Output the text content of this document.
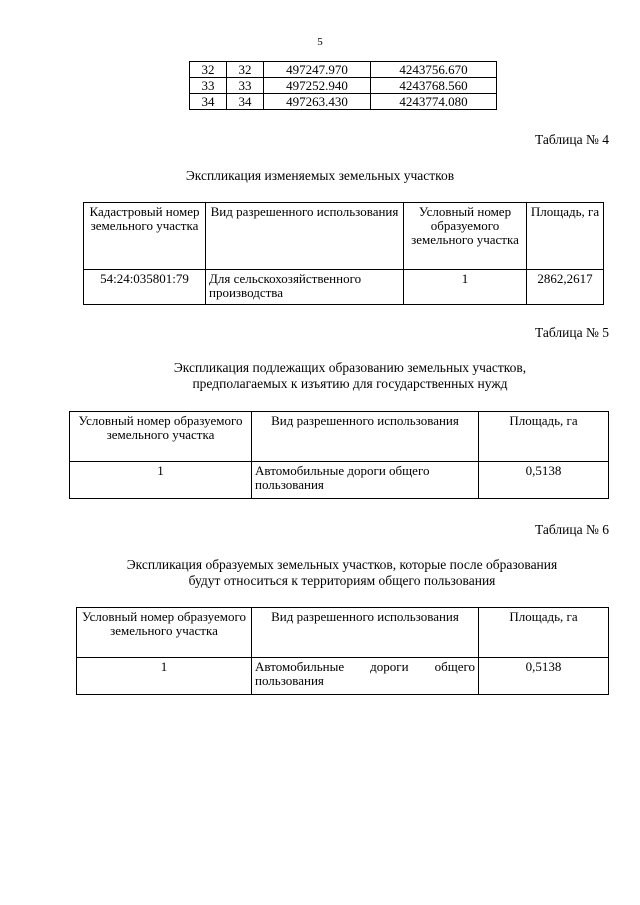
5
32	32	497247.970	4243756.670
33	33	497252.940	4243768.560
34	34	497263.430	4243774.080
Таблица № 4
Экспликация изменяемых земельных участков
Кадастровый номер земельного участка	Вид разрешенного использования	Условный номер образуемого земельного участка	Площадь, га
54:24:035801:79	Для сельскохозяйственного производства	1	2862,2617
Таблица № 5
Экспликация подлежащих образованию земельных участков,
предполагаемых к изъятию для государственных нужд
Условный номер образуемого земельного участка	Вид разрешенного использования	Площадь, га
1	Автомобильные дороги общего пользования	0,5138
Таблица № 6
Экспликация образуемых земельных участков, которые после образования
будут относиться к территориям общего пользования
Условный номер образуемого земельного участка	Вид разрешенного использования	Площадь, га
1	Автомобильные дороги общего пользования	0,5138
